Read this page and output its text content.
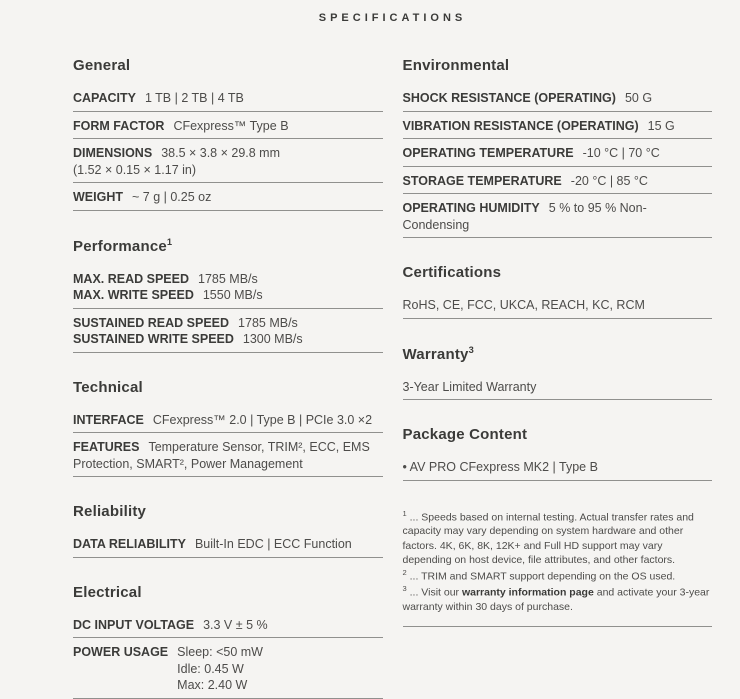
SPECIFICATIONS
General
CAPACITY 1 TB | 2 TB | 4 TB
FORM FACTOR CFexpress™ Type B
DIMENSIONS 38.5 × 3.8 × 29.8 mm
(1.52 × 0.15 × 1.17 in)
WEIGHT ~ 7 g | 0.25 oz
Performance$^1$
MAX. READ SPEED 1785 MB/s
MAX. WRITE SPEED 1550 MB/s
SUSTAINED READ SPEED 1785 MB/s
SUSTAINED WRITE SPEED 1300 MB/s
Technical
INTERFACE CFexpress™ 2.0 | Type B | PCIe 3.0 ×2
FEATURES Temperature Sensor, TRIM², ECC, EMS Protection, SMART², Power Management
Reliability
DATA RELIABILITY Built-In EDC | ECC Function
Electrical
DC INPUT VOLTAGE 3.3 V ± 5 %
POWER USAGE Sleep: <50 mW
Idle: 0.45 W
Max: 2.40 W
Environmental
SHOCK RESISTANCE (OPERATING) 50 G
VIBRATION RESISTANCE (OPERATING) 15 G
OPERATING TEMPERATURE -10 °C | 70 °C
STORAGE TEMPERATURE -20 °C | 85 °C
OPERATING HUMIDITY 5 % to 95 % Non-Condensing
Certifications
RoHS, CE, FCC, UKCA, REACH, KC, RCM
Warranty$^3$
3-Year Limited Warranty
Package Content
• AV PRO CFexpress MK2 | Type B

$^1$ ... Speeds based on internal testing. Actual transfer rates and capacity may vary depending on system hardware and other factors. 4K, 6K, 8K, 12K+ and Full HD support may vary depending on host device, file attributes, and other factors.

$^2$ ... TRIM and SMART support depending on the OS used.

$^3$ ... Visit our warranty information page and activate your 3-year warranty within 30 days of purchase.
